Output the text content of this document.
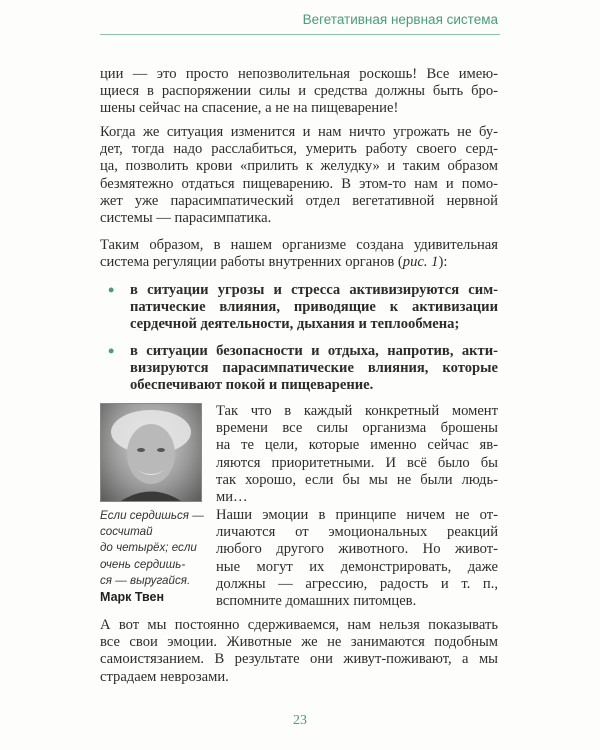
Вегетативная нервная система
ции — это просто непозволительная роскошь! Все имею-
щиеся в распоряжении силы и средства должны быть бро-
шены сейчас на спасение, а не на пищеварение!
Когда же ситуация изменится и нам ничто угрожать не бу-
дет, тогда надо расслабиться, умерить работу своего серд-
ца, позволить крови «прилить к желудку» и таким образом
безмятежно отдаться пищеварению. В этом-то нам и помо-
жет уже парасимпатический отдел вегетативной нервной
системы — парасимпатика.
Таким образом, в нашем организме создана удивительная
система регуляции работы внутренних органов (рис. 1):
•	в ситуации угрозы и стресса активизируются сим-
патические влияния, приводящие к активизации
сердечной деятельности, дыхания и теплообмена;
•	в ситуации безопасности и отдыха, напротив, акти-
визируются парасимпатические влияния, которые
обеспечивают покой и пищеварение.
Если сердишься —
сосчитай
до четырёх; если
очень сердишь-
ся — выругайся.
Марк Твен
Так что в каждый конкретный момент
времени все силы организма брошены
на те цели, которые именно сейчас яв-
ляются приоритетными. И всё было бы
так хорошо, если бы мы не были людь-
ми…
Наши эмоции в принципе ничем не от-
личаются от эмоциональных реакций
любого другого животного. Но живот-
ные могут их демонстрировать, даже
должны — агрессию, радость и т. п.,
вспомните домашних питомцев.
А вот мы постоянно сдерживаемся, нам нельзя показывать
все свои эмоции. Животные же не занимаются подобным
самоистязанием. В результате они живут-поживают, а мы
страдаем неврозами.
23
